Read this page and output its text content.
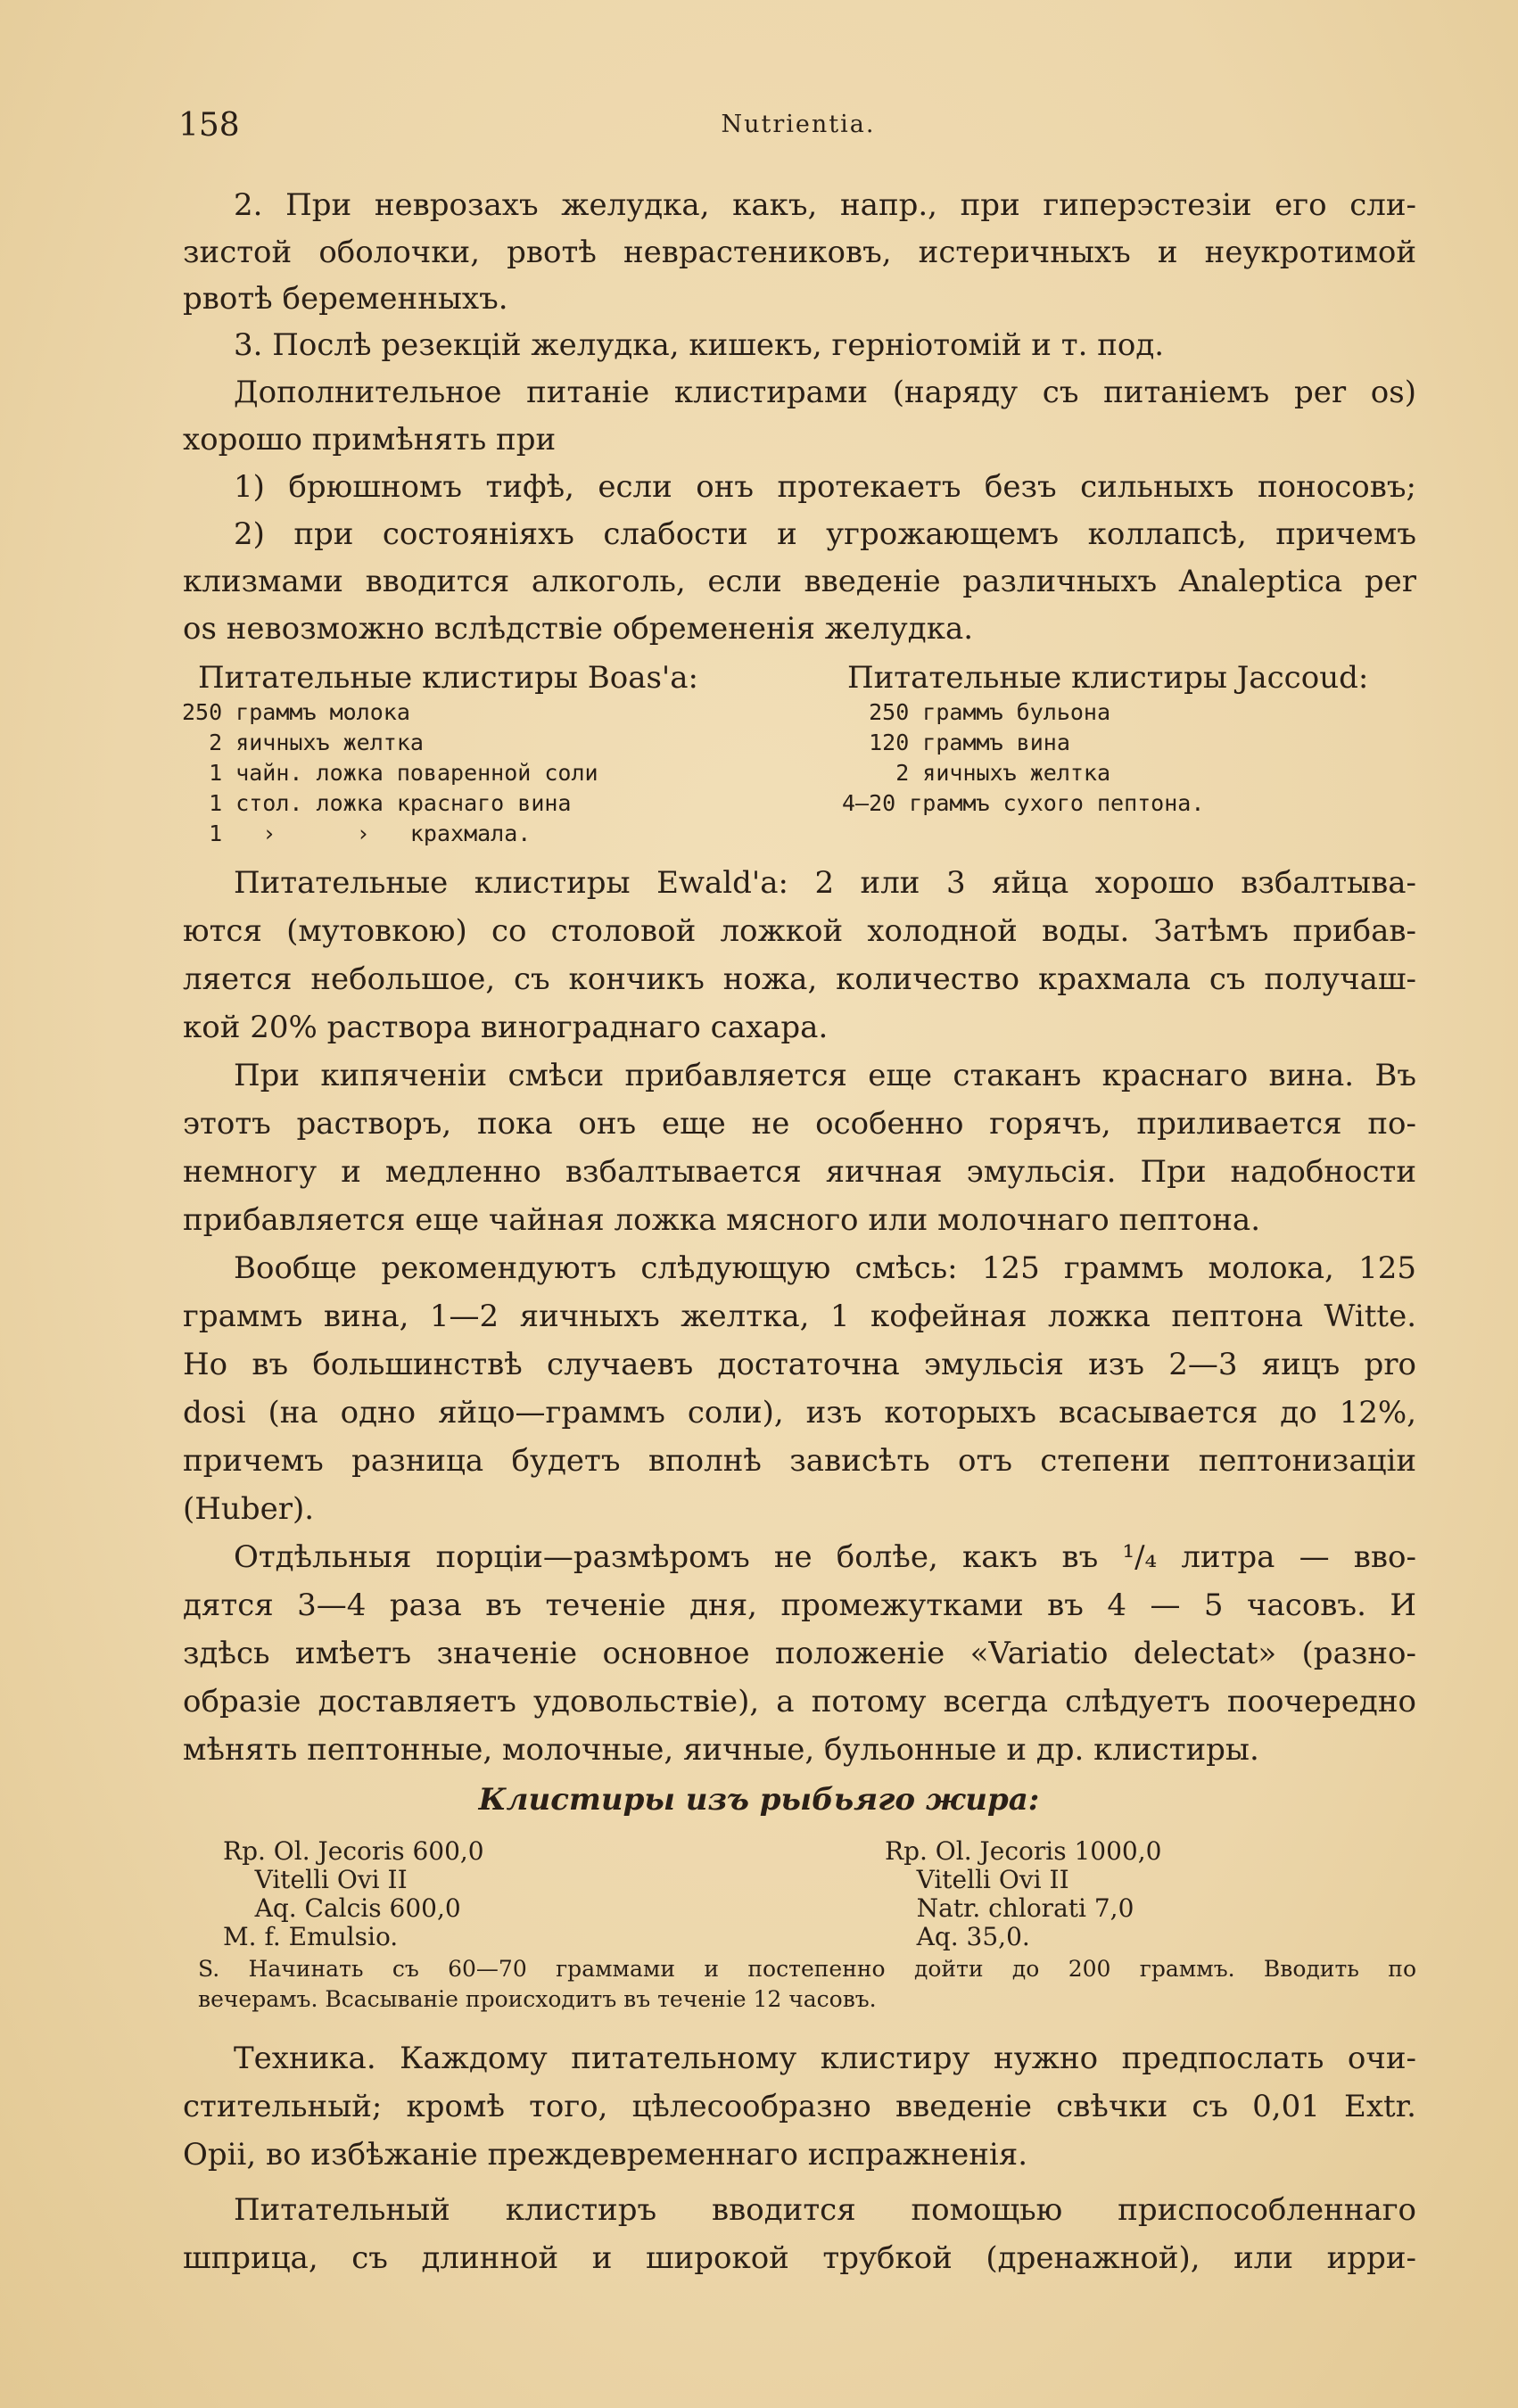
158	Nutrientia.
2. При неврозахъ желудка, какъ, напр., при гиперэстезіи его сли-
зистой оболочки, рвотѣ неврастениковъ, истеричныхъ и неукротимой
рвотѣ беременныхъ.
3. Послѣ резекцій желудка, кишекъ, герніотомій и т. под.
Дополнительное питаніе клистирами (наряду съ питаніемъ per os)
хорошо примѣнять при
1) брюшномъ тифѣ, если онъ протекаетъ безъ сильныхъ поносовъ;
2) при состояніяхъ слабости и угрожающемъ коллапсѣ, причемъ
клизмами вводится алкоголь, если введеніе различныхъ Analeptica per
os невозможно вслѣдствіе обремененія желудка.
Питательные клистиры Boas'а:
250 граммъ молока
2 яичныхъ желтка
1 чайн. ложка поваренной соли
1 стол. ложка краснаго вина
1   ›      ›   крахмала.
Питательные клистиры Jaccoud:
250 граммъ бульона
120 граммъ вина
2 яичныхъ желтка
4—20 граммъ сухого пептона.
Питательные клистиры Ewald'а: 2 или 3 яйца хорошо взбалтыва-
ются (мутовкою) со столовой ложкой холодной воды. Затѣмъ прибав-
ляется небольшое, съ кончикъ ножа, количество крахмала съ получаш-
кой 20% раствора винограднаго сахара.
При кипяченіи смѣси прибавляется еще стаканъ краснаго вина. Въ
этотъ растворъ, пока онъ еще не особенно горячъ, приливается по-
немногу и медленно взбалтывается яичная эмульсія. При надобности
прибавляется еще чайная ложка мясного или молочнаго пептона.
Вообще рекомендуютъ слѣдующую смѣсь: 125 граммъ молока, 125
граммъ вина, 1—2 яичныхъ желтка, 1 кофейная ложка пептона Witte.
Но въ большинствѣ случаевъ достаточна эмульсія изъ 2—3 яицъ pro
dosi (на одно яйцо—граммъ соли), изъ которыхъ всасывается до 12%,
причемъ разница будетъ вполнѣ зависѣть отъ степени пептонизаціи
(Huber).
Отдѣльныя порціи—размѣромъ не болѣе, какъ въ ¹/₄ литра — вво-
дятся 3—4 раза въ теченіе дня, промежутками въ 4 — 5 часовъ. И
здѣсь имѣетъ значеніе основное положеніе «Variatio delectat» (разно-
образіе доставляетъ удовольствіе), а потому всегда слѣдуетъ поочередно
мѣнять пептонные, молочные, яичные, бульонные и др. клистиры.
Клистиры изъ рыбьяго жира:
Rp. Ol. Jecoris 600,0
Vitelli Ovi II
Aq. Calcis 600,0
M. f. Emulsio.
Rp. Ol. Jecoris 1000,0
Vitelli Ovi II
Natr. chlorati 7,0
Aq. 35,0.
S. Начинать съ 60—70 граммами и постепенно дойти до 200 граммъ. Вводить по
вечерамъ. Всасываніе происходитъ въ теченіе 12 часовъ.
Техника. Каждому питательному клистиру нужно предпослать очи-
стительный; кромѣ того, цѣлесообразно введеніе свѣчки съ 0,01 Extr.
Opii, во избѣжаніе преждевременнаго испражненія.
Питательный клистиръ вводится помощью приспособленнаго
шприца, съ длинной и широкой трубкой (дренажной), или ирри-
